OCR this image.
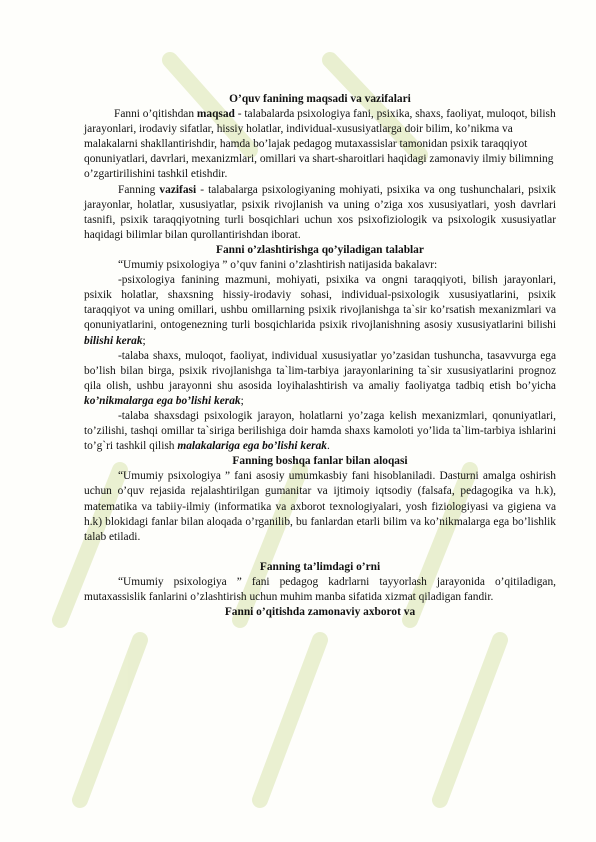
O’quv fanining maqsadi va vazifalari

Fanni o’qitishdan maqsad - talabalarda psixologiya fani, psixika, shaxs, faoliyat, muloqot, bilish jarayonlari, irodaviy sifatlar, hissiy holatlar, individual-xususiyatlarga doir bilim, ko’nikma va malakalarni shakllantirishdir, hamda bo’lajak pedagog mutaxassislar tamonidan psixik taraqqiyot qonuniyatlari, davrlari, mexanizmlari, omillari va shart-sharoitlari haqidagi zamonaviy ilmiy bilimning o’zgartirilishini tashkil etishdir.

Fanning vazifasi - talabalarga psixologiyaning mohiyati, psixika va ong tushunchalari, psixik jarayonlar, holatlar, xususiyatlar, psixik rivojlanish va uning o’ziga xos xususiyatlari, yosh davrlari tasnifi, psixik taraqqiyotning turli bosqichlari uchun xos psixofiziologik va psixologik xususiyatlar haqidagi bilimlar bilan qurollantirishdan iborat.

Fanni o’zlashtirishga qo’yiladigan talablar

“Umumiy psixologiya ” o’quv fanini o’zlashtirish natijasida bakalavr:

-psixologiya fanining mazmuni, mohiyati, psixika va ongni taraqqiyoti, bilish jarayonlari, psixik holatlar, shaxsning hissiy-irodaviy sohasi, individual-psixologik xususiyatlarini, psixik taraqqiyot va uning omillari, ushbu omillarning psixik rivojlanishga ta`sir ko’rsatish mexanizmlari va qonuniyatlarini, ontogenezning turli bosqichlarida psixik rivojlanishning asosiy xususiyatlarini bilishi bilishi kerak;

-talaba shaxs, muloqot, faoliyat, individual xususiyatlar yo’zasidan tushuncha, tasavvurga ega bo’lish bilan birga, psixik rivojlanishga ta`lim-tarbiya jarayonlarining ta`sir xususiyatlarini prognoz qila olish, ushbu jarayonni shu asosida loyihalashtirish va amaliy faoliyatga tadbiq etish bo’yicha ko’nikmalarga ega bo’lishi kerak;

-talaba shaxsdagi psixologik jarayon, holatlarni yo’zaga kelish mexanizmlari, qonuniyatlari, to’zilishi, tashqi omillar ta`siriga berilishiga doir hamda shaxs kamoloti yo’lida ta`lim-tarbiya ishlarini to’g`ri tashkil qilish malakalariga ega bo’lishi kerak.

Fanning boshqa fanlar bilan aloqasi

“Umumiy psixologiya ” fani asosiy umumkasbiy fani hisoblaniladi. Dasturni amalga oshirish uchun o’quv rejasida rejalashtirilgan gumanitar va ijtimoiy iqtsodiy (falsafa, pedagogika va h.k), matematika va tabiiy-ilmiy (informatika va axborot texnologiyalari, yosh fiziologiyasi va gigiena va h.k) blokidagi fanlar bilan aloqada o’rganilib, bu fanlardan etarli bilim va ko’nikmalarga ega bo’lishlik talab etiladi.

Fanning ta’limdagi o’rni

“Umumiy psixologiya ” fani pedagog kadrlarni tayyorlash jarayonida o’qitiladigan, mutaxassislik fanlarini o’zlashtirish uchun muhim manba sifatida xizmat qiladigan fandir.

Fanni o’qitishda zamonaviy axborot va
